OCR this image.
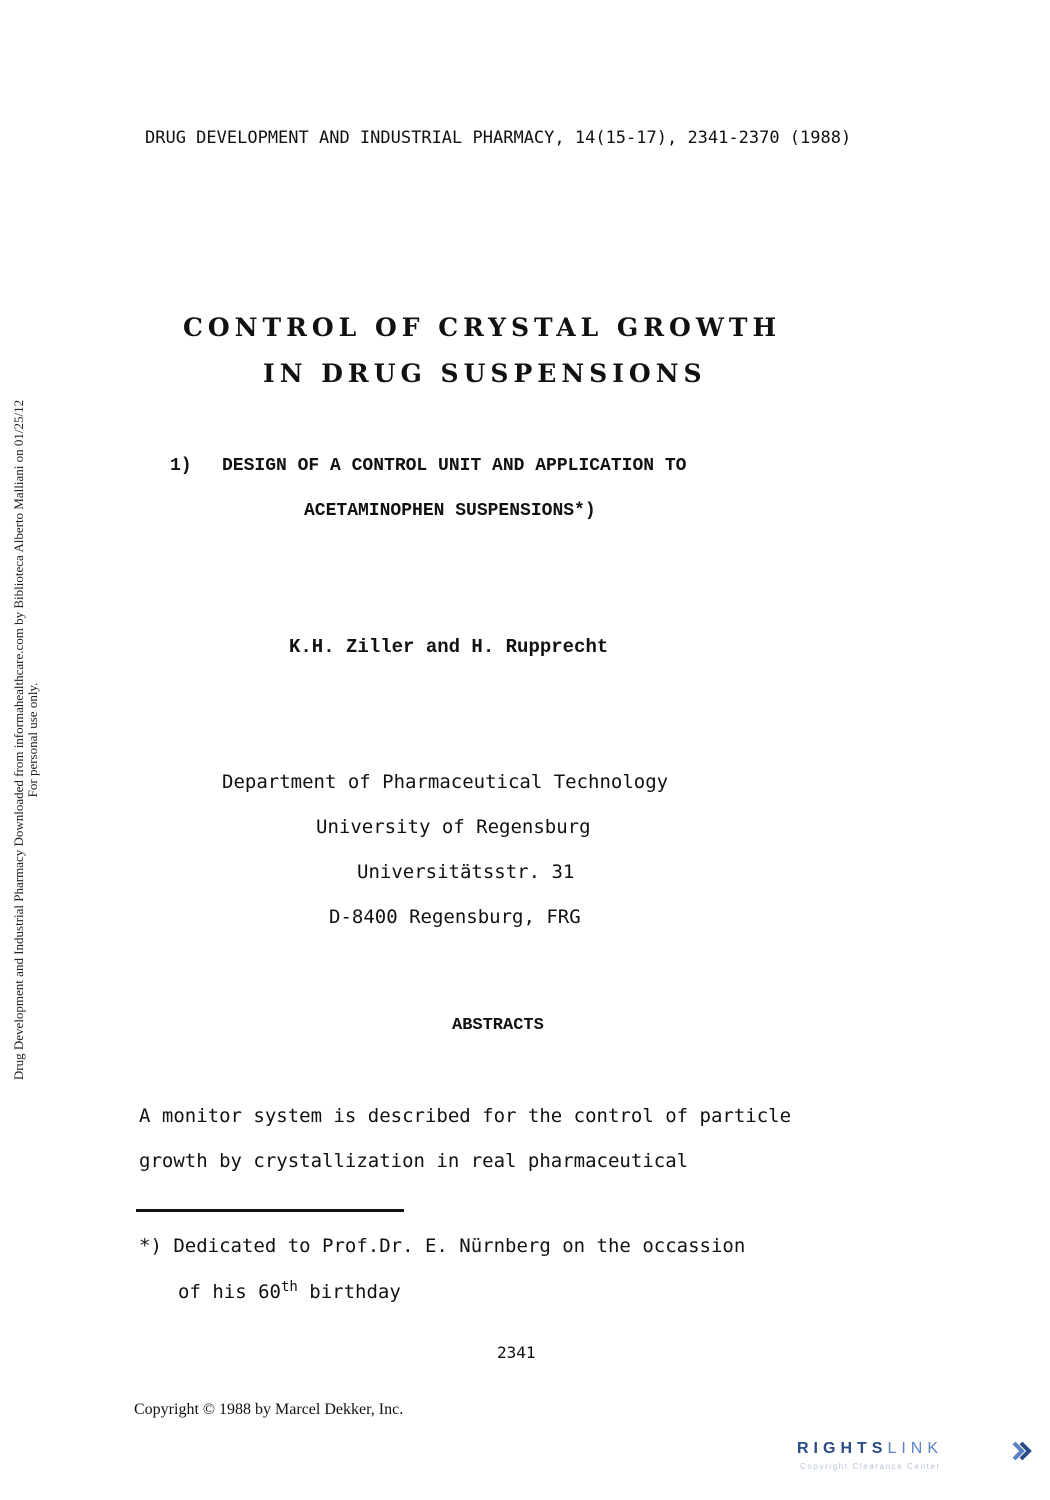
Drug Development and Industrial Pharmacy Downloaded from informahealthcare.com by Biblioteca Alberto Malliani on 01/25/12 For personal use only.
DRUG DEVELOPMENT AND INDUSTRIAL PHARMACY, 14(15-17), 2341-2370 (1988)
CONTROL OF CRYSTAL GROWTH
IN DRUG SUSPENSIONS
1) DESIGN OF A CONTROL UNIT AND APPLICATION TO
ACETAMINOPHEN SUSPENSIONS*)
K.H. Ziller and H. Rupprecht
Department of Pharmaceutical Technology
University of Regensburg
Universitätsstr. 31
D-8400 Regensburg, FRG
ABSTRACTS
A monitor system is described for the control of particle
growth by crystallization in real pharmaceutical
*) Dedicated to Prof.Dr. E. Nürnberg on the occassion
of his 60th birthday
2341
Copyright © 1988 by Marcel Dekker, Inc.
RIGHTSLINK
Copyright Clearance Center
